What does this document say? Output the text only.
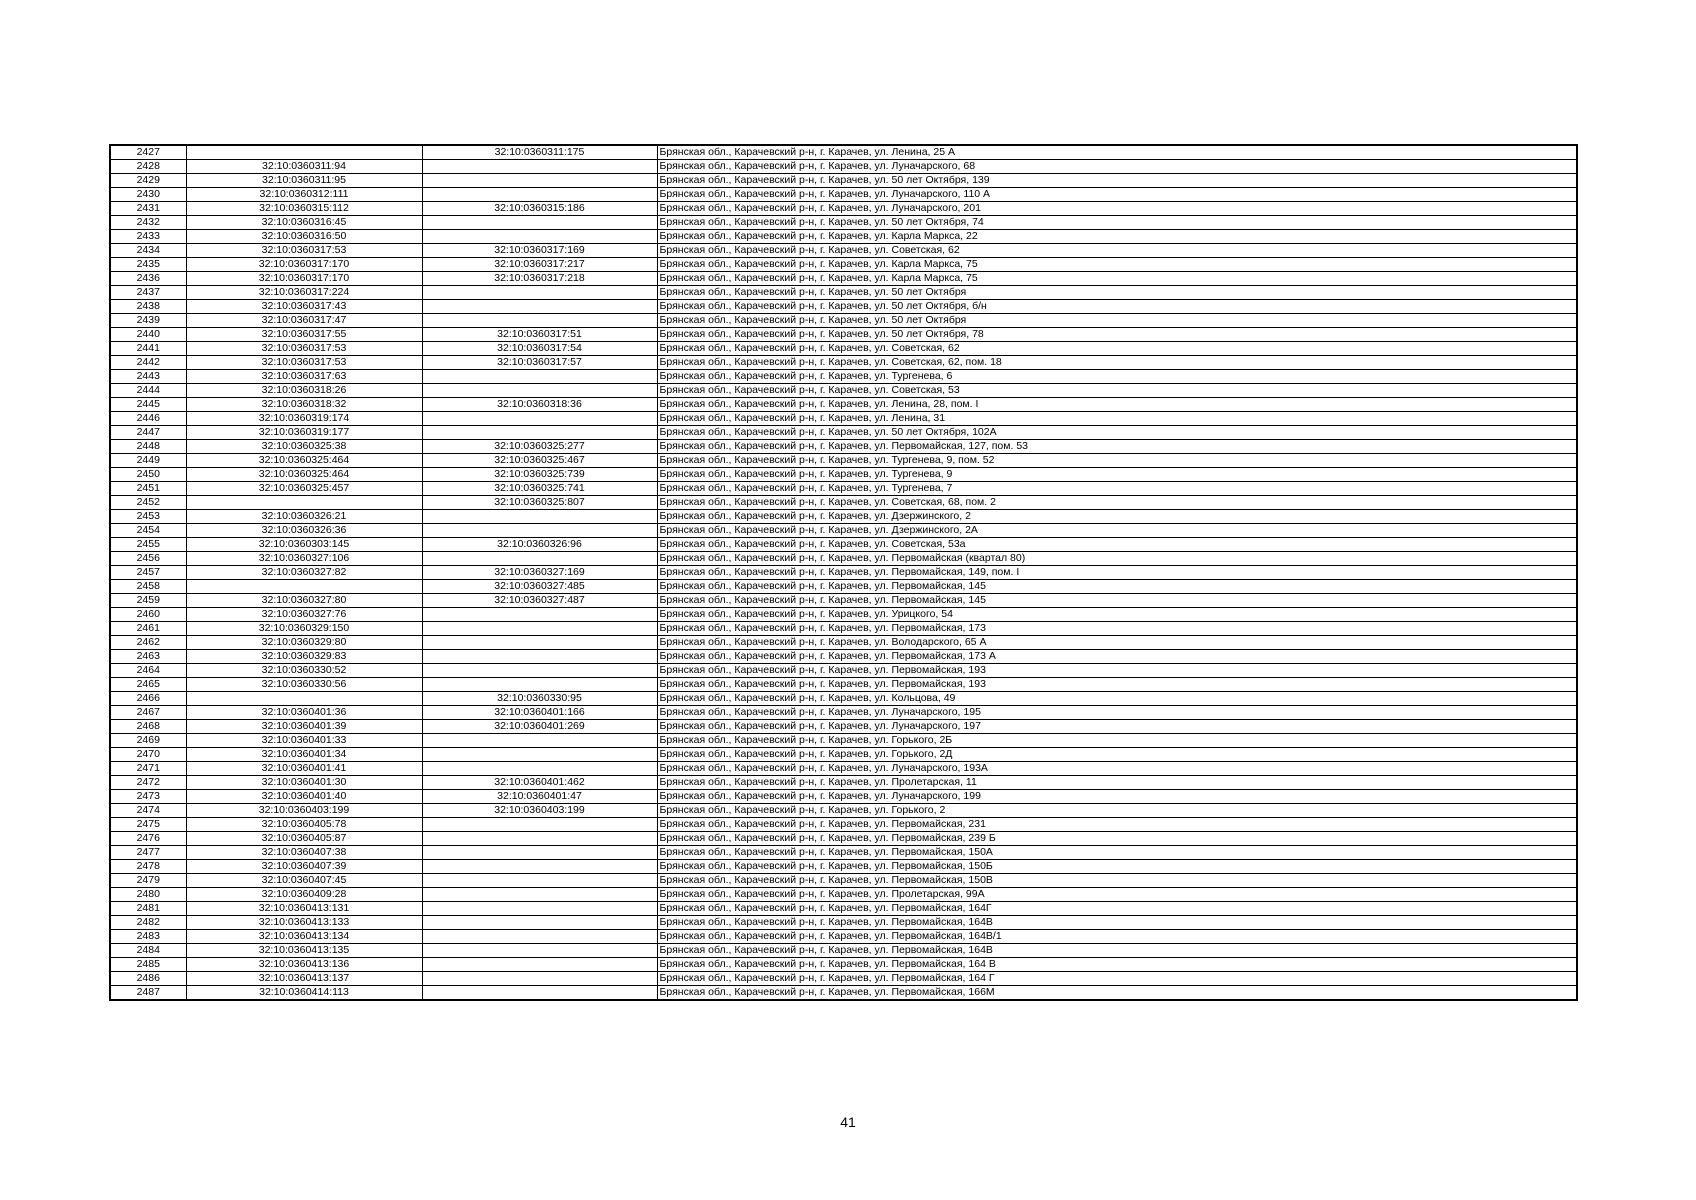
2427		32:10:0360311:175	Брянская обл., Карачевский р-н, г. Карачев, ул. Ленина, 25 А
2428	32:10:0360311:94		Брянская обл., Карачевский р-н, г. Карачев, ул. Луначарского, 68
2429	32:10:0360311:95		Брянская обл., Карачевский р-н, г. Карачев, ул. 50 лет Октября, 139
2430	32:10:0360312:111		Брянская обл., Карачевский р-н, г. Карачев, ул. Луначарского, 110 А
2431	32:10:0360315:112	32:10:0360315:186	Брянская обл., Карачевский р-н, г. Карачев, ул. Луначарского, 201
2432	32:10:0360316:45		Брянская обл., Карачевский р-н, г. Карачев, ул. 50 лет Октября, 74
2433	32:10:0360316:50		Брянская обл., Карачевский р-н, г. Карачев, ул. Карла Маркса, 22
2434	32:10:0360317:53	32:10:0360317:169	Брянская обл., Карачевский р-н, г. Карачев, ул. Советская, 62
2435	32:10:0360317:170	32:10:0360317:217	Брянская обл., Карачевский р-н, г. Карачев, ул. Карла Маркса, 75
2436	32:10:0360317:170	32:10:0360317:218	Брянская обл., Карачевский р-н, г. Карачев, ул. Карла Маркса, 75
2437	32:10:0360317:224		Брянская обл., Карачевский р-н, г. Карачев, ул. 50 лет Октября
2438	32:10:0360317:43		Брянская обл., Карачевский р-н, г. Карачев, ул. 50 лет Октября, б/н
2439	32:10:0360317:47		Брянская обл., Карачевский р-н, г. Карачев, ул. 50 лет Октября
2440	32:10:0360317:55	32:10:0360317:51	Брянская обл., Карачевский р-н, г. Карачев, ул. 50 лет Октября, 78
2441	32:10:0360317:53	32:10:0360317:54	Брянская обл., Карачевский р-н, г. Карачев, ул. Советская, 62
2442	32:10:0360317:53	32:10:0360317:57	Брянская обл., Карачевский р-н, г. Карачев, ул. Советская, 62, пом. 18
2443	32:10:0360317:63		Брянская обл., Карачевский р-н, г. Карачев, ул. Тургенева, 6
2444	32:10:0360318:26		Брянская обл., Карачевский р-н, г. Карачев, ул. Советская, 53
2445	32:10:0360318:32	32:10:0360318:36	Брянская обл., Карачевский р-н, г. Карачев, ул. Ленина, 28, пом. I
2446	32:10:0360319:174		Брянская обл., Карачевский р-н, г. Карачев, ул. Ленина, 31
2447	32:10:0360319:177		Брянская обл., Карачевский р-н, г. Карачев, ул. 50 лет Октября, 102А
2448	32:10:0360325:38	32:10:0360325:277	Брянская обл., Карачевский р-н, г. Карачев, ул. Первомайская, 127, пом. 53
2449	32:10:0360325:464	32:10:0360325:467	Брянская обл., Карачевский р-н, г. Карачев, ул. Тургенева, 9, пом. 52
2450	32:10:0360325:464	32:10:0360325:739	Брянская обл., Карачевский р-н, г. Карачев, ул. Тургенева, 9
2451	32:10:0360325:457	32:10:0360325:741	Брянская обл., Карачевский р-н, г. Карачев, ул. Тургенева, 7
2452		32:10:0360325:807	Брянская обл., Карачевский р-н, г. Карачев, ул. Советская, 68, пом. 2
2453	32:10:0360326:21		Брянская обл., Карачевский р-н, г. Карачев, ул. Дзержинского, 2
2454	32:10:0360326:36		Брянская обл., Карачевский р-н, г. Карачев, ул. Дзержинского, 2А
2455	32:10:0360303:145	32:10:0360326:96	Брянская обл., Карачевский р-н, г. Карачев, ул. Советская, 53а
2456	32:10:0360327:106		Брянская обл., Карачевский р-н, г. Карачев, ул. Первомайская (квартал 80)
2457	32:10:0360327:82	32:10:0360327:169	Брянская обл., Карачевский р-н, г. Карачев, ул. Первомайская, 149, пом. I
2458		32:10:0360327:485	Брянская обл., Карачевский р-н, г. Карачев, ул. Первомайская, 145
2459	32:10:0360327:80	32:10:0360327:487	Брянская обл., Карачевский р-н, г. Карачев, ул. Первомайская, 145
2460	32:10:0360327:76		Брянская обл., Карачевский р-н, г. Карачев, ул. Урицкого, 54
2461	32:10:0360329:150		Брянская обл., Карачевский р-н, г. Карачев, ул. Первомайская, 173
2462	32:10:0360329:80		Брянская обл., Карачевский р-н, г. Карачев, ул. Володарского, 65 А
2463	32:10:0360329:83		Брянская обл., Карачевский р-н, г. Карачев, ул. Первомайская, 173 А
2464	32:10:0360330:52		Брянская обл., Карачевский р-н, г. Карачев, ул. Первомайская, 193
2465	32:10:0360330:56		Брянская обл., Карачевский р-н, г. Карачев, ул. Первомайская, 193
2466		32:10:0360330:95	Брянская обл., Карачевский р-н, г. Карачев, ул. Кольцова, 49
2467	32:10:0360401:36	32:10:0360401:166	Брянская обл., Карачевский р-н, г. Карачев, ул. Луначарского, 195
2468	32:10:0360401:39	32:10:0360401:269	Брянская обл., Карачевский р-н, г. Карачев, ул. Луначарского, 197
2469	32:10:0360401:33		Брянская обл., Карачевский р-н, г. Карачев, ул. Горького, 2Б
2470	32:10:0360401:34		Брянская обл., Карачевский р-н, г. Карачев, ул. Горького, 2Д
2471	32:10:0360401:41		Брянская обл., Карачевский р-н, г. Карачев, ул. Луначарского, 193А
2472	32:10:0360401:30	32:10:0360401:462	Брянская обл., Карачевский р-н, г. Карачев, ул. Пролетарская, 11
2473	32:10:0360401:40	32:10:0360401:47	Брянская обл., Карачевский р-н, г. Карачев, ул. Луначарского, 199
2474	32:10:0360403:199	32:10:0360403:199	Брянская обл., Карачевский р-н, г. Карачев, ул. Горького, 2
2475	32:10:0360405:78		Брянская обл., Карачевский р-н, г. Карачев, ул. Первомайская, 231
2476	32:10:0360405:87		Брянская обл., Карачевский р-н, г. Карачев, ул. Первомайская, 239 Б
2477	32:10:0360407:38		Брянская обл., Карачевский р-н, г. Карачев, ул. Первомайская, 150А
2478	32:10:0360407:39		Брянская обл., Карачевский р-н, г. Карачев, ул. Первомайская, 150Б
2479	32:10:0360407:45		Брянская обл., Карачевский р-н, г. Карачев, ул. Первомайская, 150В
2480	32:10:0360409:28		Брянская обл., Карачевский р-н, г. Карачев, ул. Пролетарская, 99А
2481	32:10:0360413:131		Брянская обл., Карачевский р-н, г. Карачев, ул. Первомайская, 164Г
2482	32:10:0360413:133		Брянская обл., Карачевский р-н, г. Карачев, ул. Первомайская, 164В
2483	32:10:0360413:134		Брянская обл., Карачевский р-н, г. Карачев, ул. Первомайская, 164В/1
2484	32:10:0360413:135		Брянская обл., Карачевский р-н, г. Карачев, ул. Первомайская, 164В
2485	32:10:0360413:136		Брянская обл., Карачевский р-н, г. Карачев, ул. Первомайская, 164 В
2486	32:10:0360413:137		Брянская обл., Карачевский р-н, г. Карачев, ул. Первомайская, 164 Г
2487	32:10:0360414:113		Брянская обл., Карачевский р-н, г. Карачев, ул. Первомайская, 166М
41
